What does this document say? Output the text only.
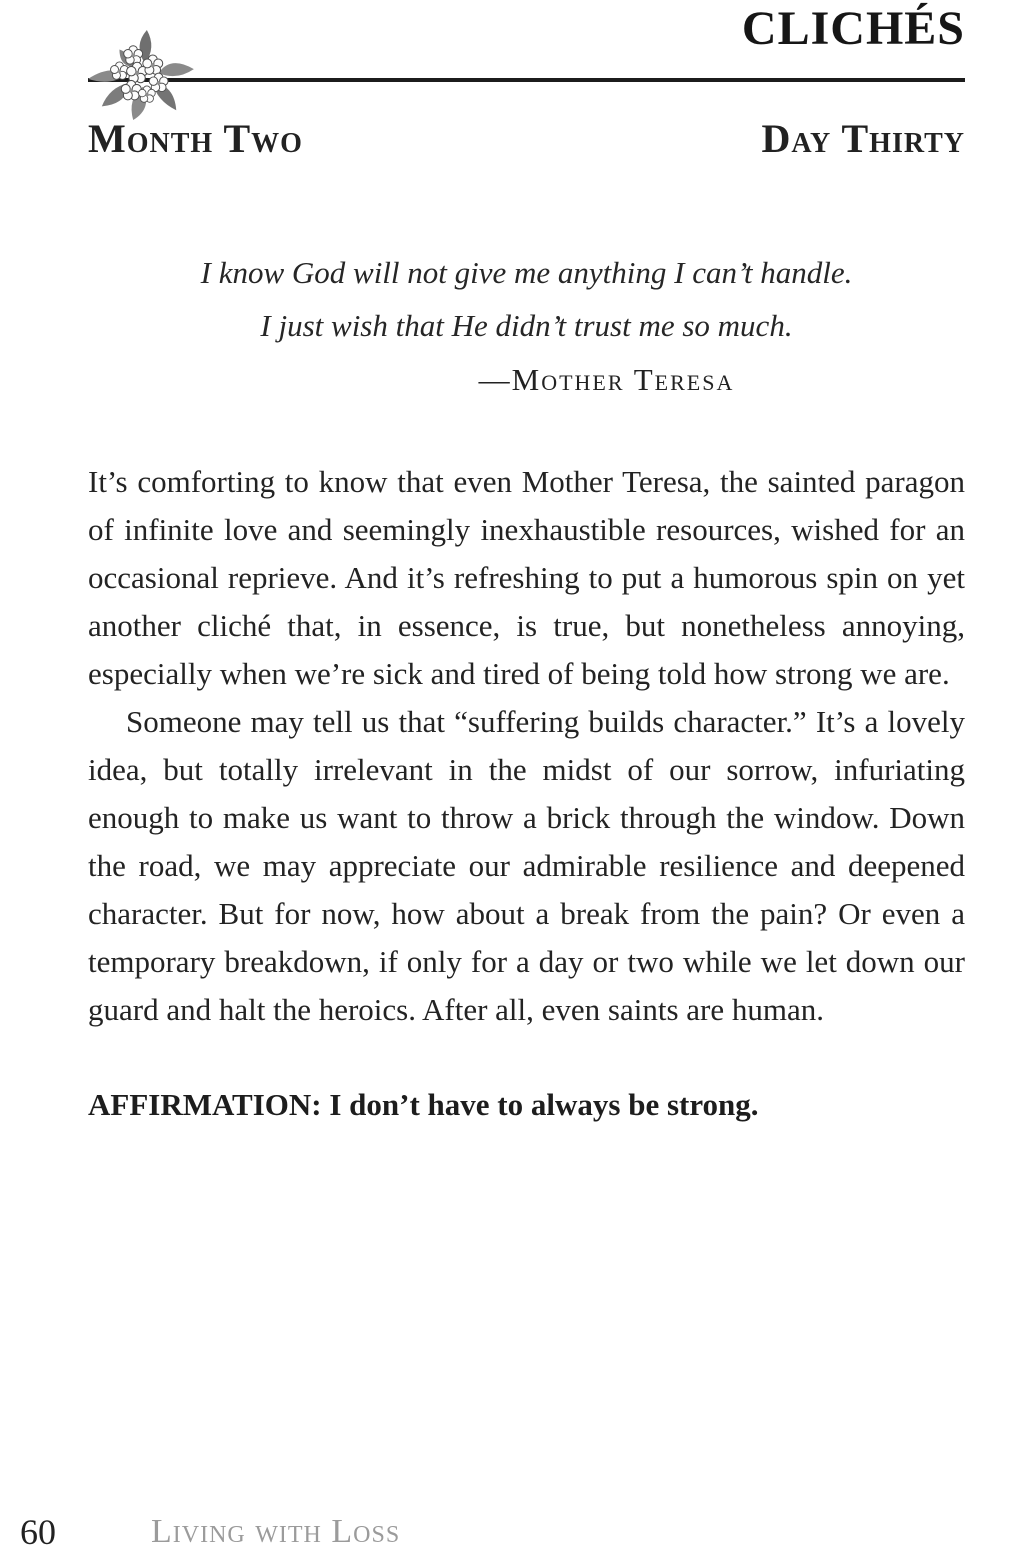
CLICHÉS
Month Two	Day Thirty
I know God will not give me anything I can’t handle.
I just wish that He didn’t trust me so much.
—Mother Teresa

It’s comforting to know that even Mother Teresa, the sainted paragon of infinite love and seemingly inexhaustible resources, wished for an occasional reprieve. And it’s refreshing to put a humorous spin on yet another cliché that, in essence, is true, but nonetheless annoying, especially when we’re sick and tired of being told how strong we are.

Someone may tell us that “suffering builds character.” It’s a lovely idea, but totally irrelevant in the midst of our sorrow, infuriating enough to make us want to throw a brick through the window. Down the road, we may appreciate our admirable resilience and deepened character. But for now, how about a break from the pain? Or even a temporary breakdown, if only for a day or two while we let down our guard and halt the heroics. After all, even saints are human.

AFFIRMATION: I don’t have to always be strong.

60	Living with Loss
